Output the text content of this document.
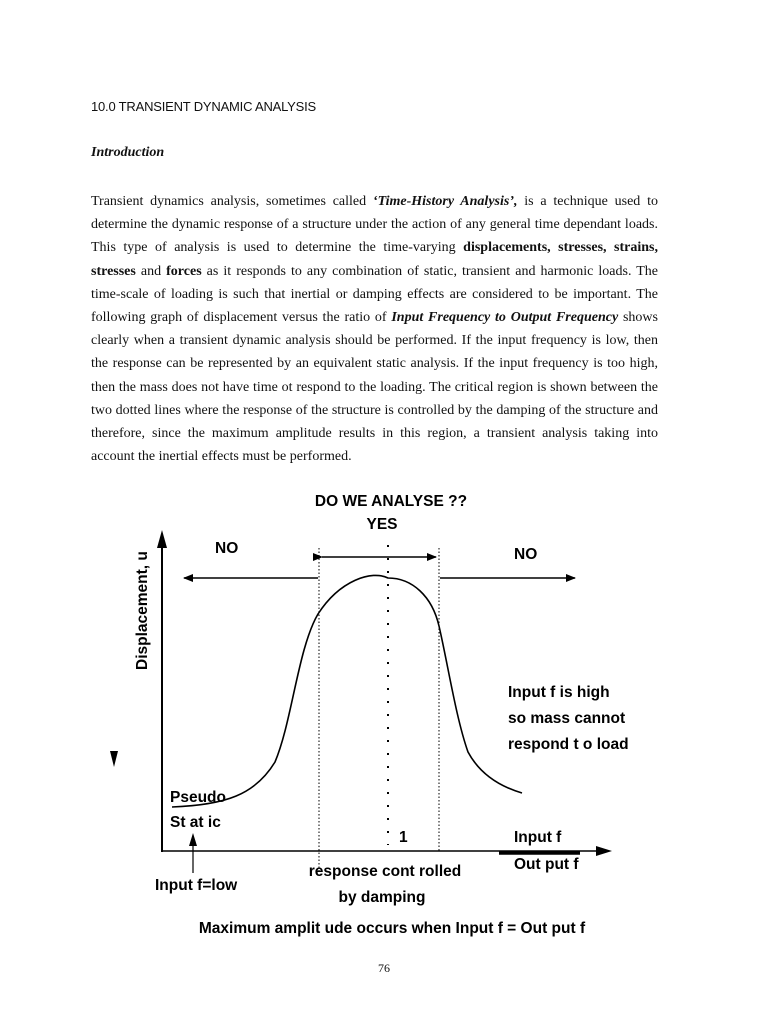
10.0 TRANSIENT DYNAMIC ANALYSIS
Introduction

Transient dynamics analysis, sometimes called ‘Time-History Analysis’, is a technique used to determine the dynamic response of a structure under the action of any general time dependant loads. This type of analysis is used to determine the time-varying displacements, stresses, strains, stresses and forces as it responds to any combination of static, transient and harmonic loads. The time-scale of loading is such that inertial or damping effects are considered to be important. The following graph of displacement versus the ratio of Input Frequency to Output Frequency shows clearly when a transient dynamic analysis should be performed. If the input frequency is low, then the response can be represented by an equivalent static analysis. If the input frequency is too high, then the mass does not have time ot respond to the loading. The critical region is shown between the two dotted lines where the response of the structure is controlled by the damping of the structure and therefore, since the maximum amplitude results in this region, a transient analysis taking into account the inertial effects must be performed.

DO WE ANALYSE ??
YES
Displacement, u
NO	NO
Input f is high
so mass cannot
respond t o load
Pseudo
St at ic
1	Input f
Out put f
Input f=low
response cont rolled
by damping
Maximum amplit ude occurs when Input f = Out put f
76
